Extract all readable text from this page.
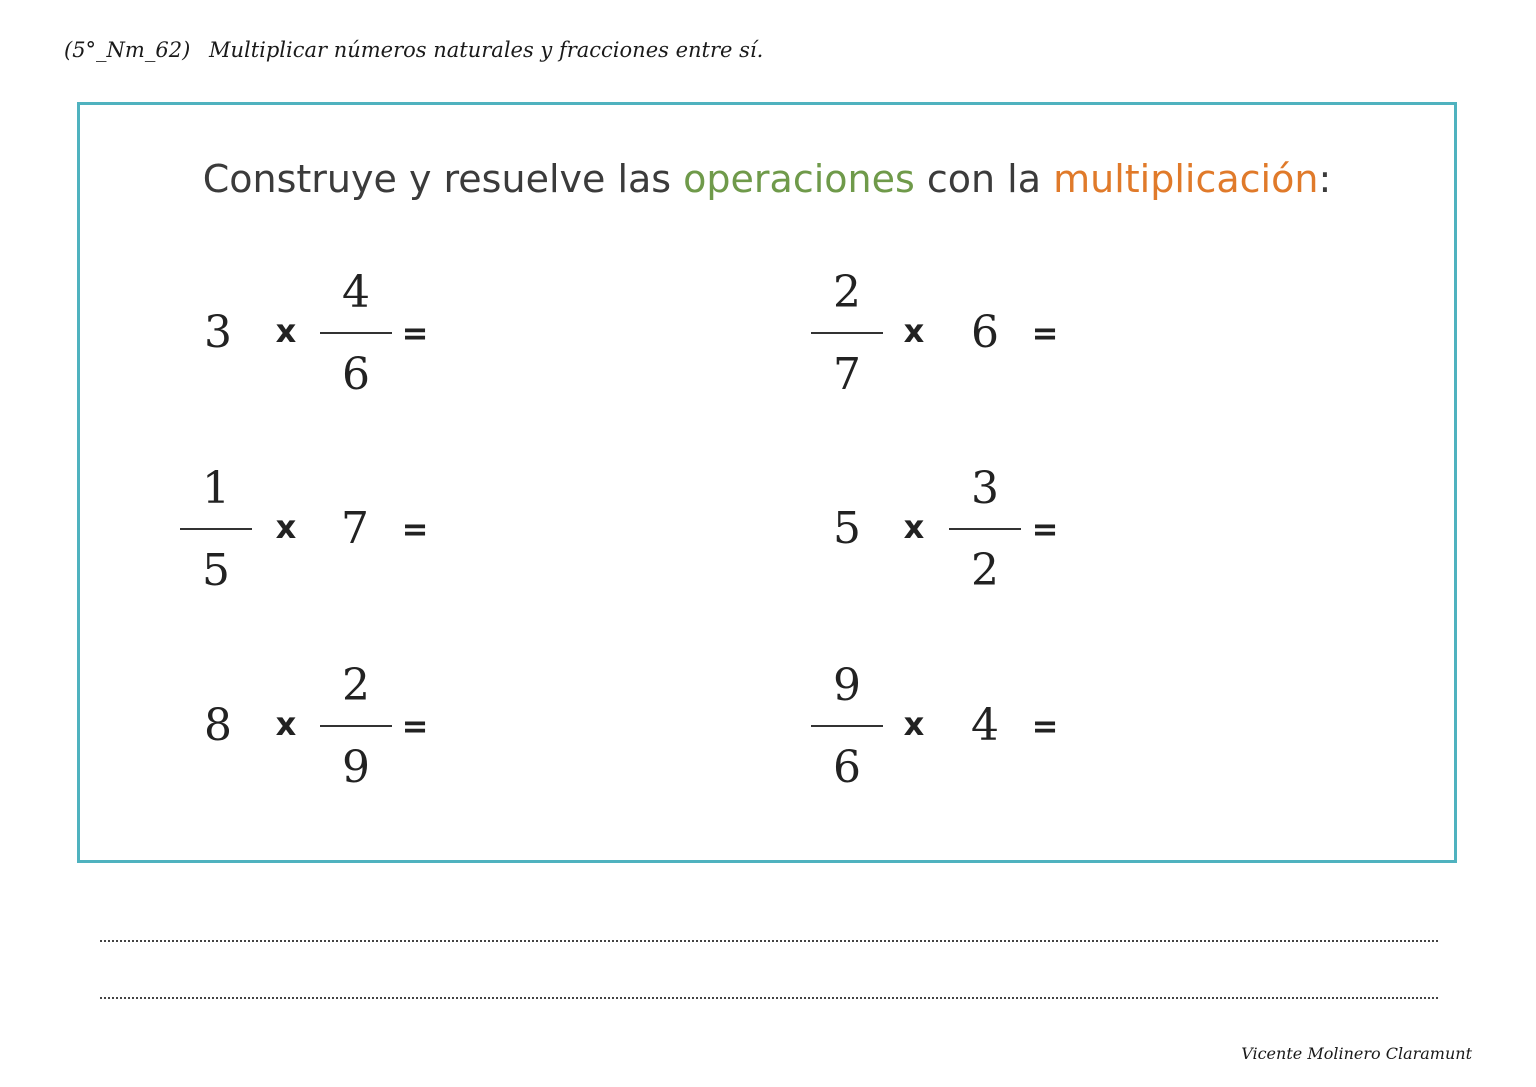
(5°_Nm_62) Multiplicar números naturales y fracciones entre sí.
Construye y resuelve las operaciones con la multiplicación:
3	x
4
6
=
2
7
x	6	=
1
5
x	7	=	5	x
3
2
=
8	x
2
9
=
9
6
x	4	=
Vicente Molinero Claramunt
